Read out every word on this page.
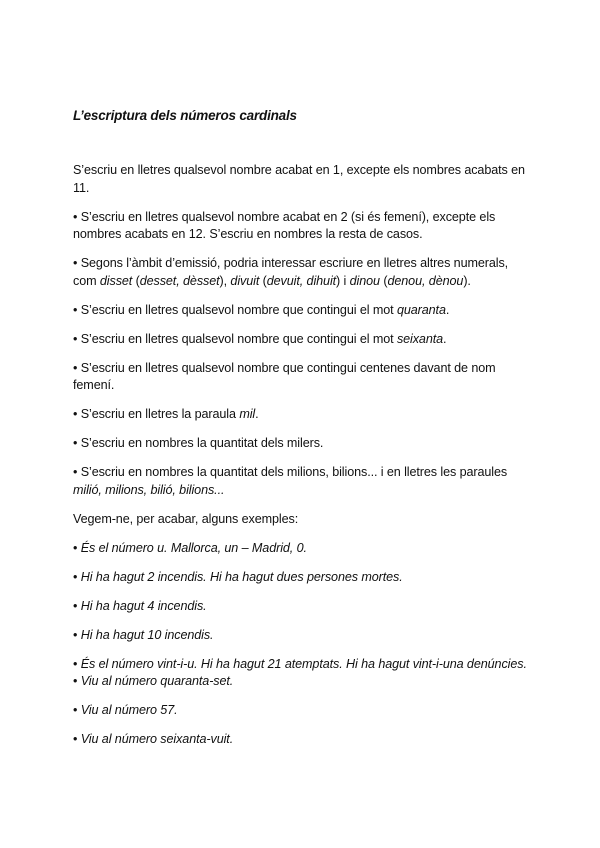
L’escriptura dels números cardinals

S’escriu en lletres qualsevol nombre acabat en 1, excepte els nombres acabats en 11.

• S’escriu en lletres qualsevol nombre acabat en 2 (si és femení), excepte els nombres acabats en 12. S’escriu en nombres la resta de casos.

• Segons l’àmbit d’emissió, podria interessar escriure en lletres altres numerals, com disset (desset, dèsset), divuit (devuit, dihuit) i dinou (denou, dènou).

• S’escriu en lletres qualsevol nombre que contingui el mot quaranta.

• S’escriu en lletres qualsevol nombre que contingui el mot seixanta.

• S’escriu en lletres qualsevol nombre que contingui centenes davant de nom femení.

• S’escriu en lletres la paraula mil.

• S’escriu en nombres la quantitat dels milers.

• S’escriu en nombres la quantitat dels milions, bilions... i en lletres les paraules milió, milions, bilió, bilions...

Vegem-ne, per acabar, alguns exemples:

• És el número u. Mallorca, un – Madrid, 0.

• Hi ha hagut 2 incendis. Hi ha hagut dues persones mortes.

• Hi ha hagut 4 incendis.

• Hi ha hagut 10 incendis.

• És el número vint-i-u. Hi ha hagut 21 atemptats. Hi ha hagut vint-i-una denúncies. • Viu al número quaranta-set.

• Viu al número 57.

• Viu al número seixanta-vuit.
